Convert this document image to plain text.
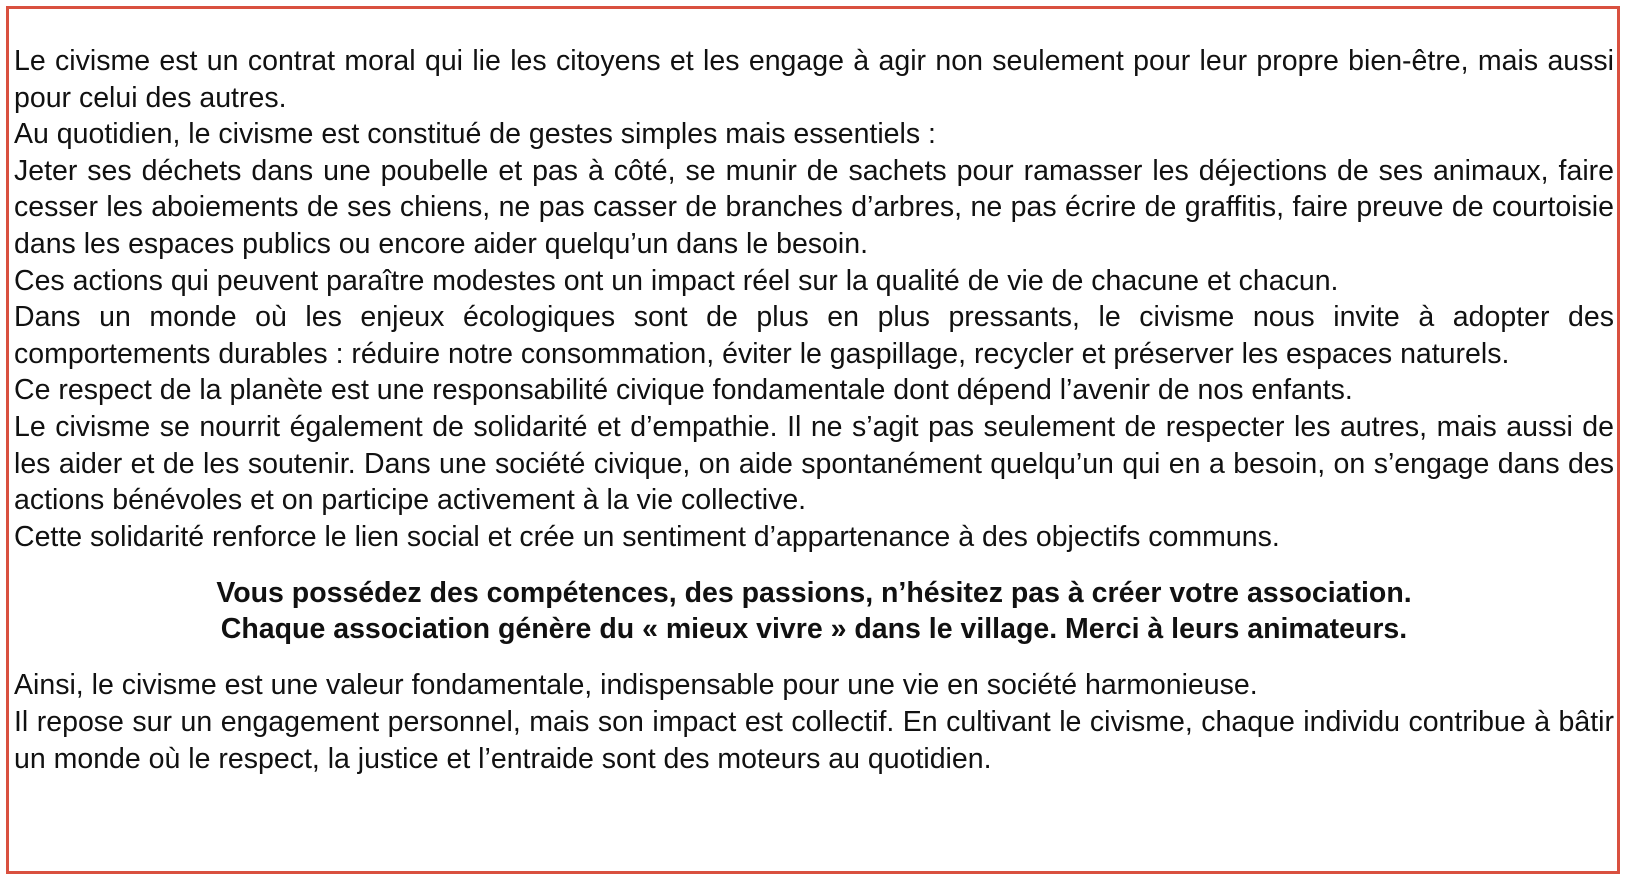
Le civisme est un contrat moral qui lie les citoyens et les engage à agir non seulement pour leur propre bien-être, mais aussi pour celui des autres.

Au quotidien, le civisme est constitué de gestes simples mais essentiels :

Jeter ses déchets dans une poubelle et pas à côté, se munir de sachets pour ramasser les déjections de ses animaux, faire cesser les aboiements de ses chiens, ne pas casser de branches d’arbres, ne pas écrire de graffitis, faire preuve de courtoisie dans les espaces publics ou encore aider quelqu’un dans le besoin.

Ces actions qui peuvent paraître modestes ont un impact réel sur la qualité de vie de chacune et chacun.

Dans un monde où les enjeux écologiques sont de plus en plus pressants, le civisme nous invite à adopter des comportements durables : réduire notre consommation, éviter le gaspillage, recycler et préserver les espaces naturels.

Ce respect de la planète est une responsabilité civique fondamentale dont dépend l’avenir de nos enfants.

Le civisme se nourrit également de solidarité et d’empathie. Il ne s’agit pas seulement de respecter les autres, mais aussi de les aider et de les soutenir. Dans une société civique, on aide spontanément quelqu’un qui en a besoin, on s’engage dans des actions bénévoles et on participe activement à la vie collective.

Cette solidarité renforce le lien social et crée un sentiment d’appartenance à des objectifs communs.

Vous possédez des compétences, des passions, n’hésitez pas à créer votre association.

Chaque association génère du « mieux vivre » dans le village. Merci à leurs animateurs.

Ainsi, le civisme est une valeur fondamentale, indispensable pour une vie en société harmonieuse.

Il repose sur un engagement personnel, mais son impact est collectif. En cultivant le civisme, chaque individu contribue à bâtir un monde où le respect, la justice et l’entraide sont des moteurs au quotidien.
